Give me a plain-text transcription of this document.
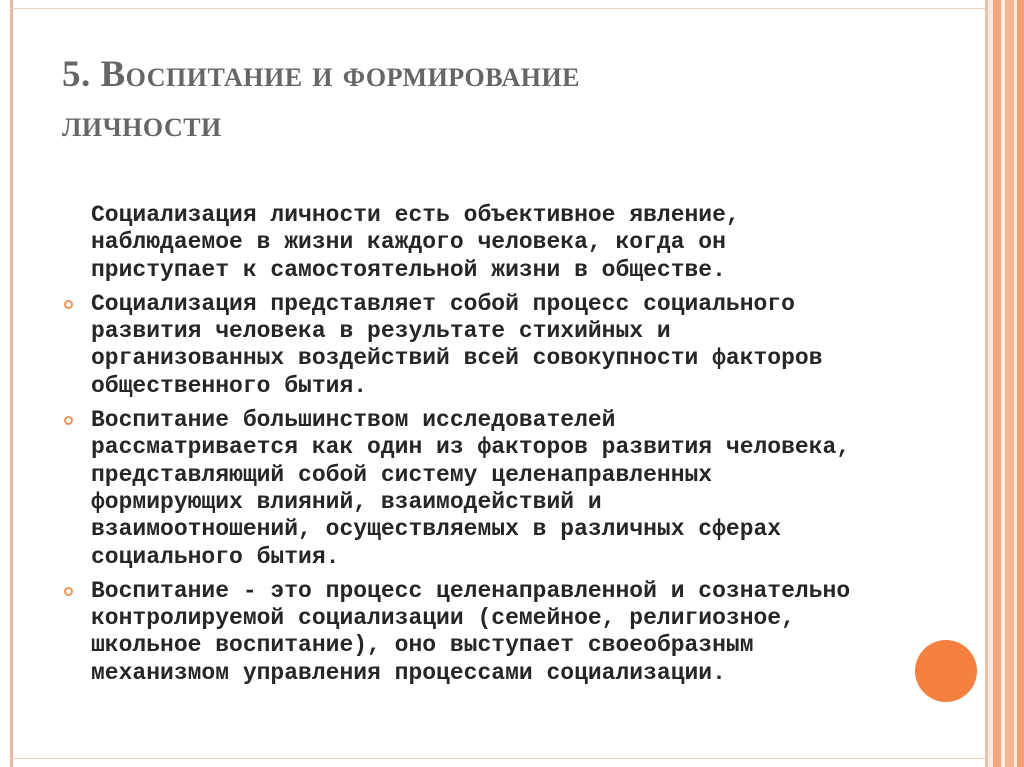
5. Воспитание и формирование
личности
Социализация личности есть объективное явление,
наблюдаемое в жизни каждого человека, когда он
приступает к самостоятельной жизни в обществе.
Социализация представляет собой процесс социального
развития человека в результате стихийных и
организованных воздействий всей совокупности факторов
общественного бытия.
Воспитание большинством исследователей
рассматривается как один из факторов развития человека,
представляющий собой систему целенаправленных
формирующих влияний, взаимодействий и
взаимоотношений, осуществляемых в различных сферах
социального бытия.
Воспитание - это процесс целенаправленной и сознательно
контролируемой социализации (семейное, религиозное,
школьное воспитание), оно выступает своеобразным
механизмом управления процессами социализации.
